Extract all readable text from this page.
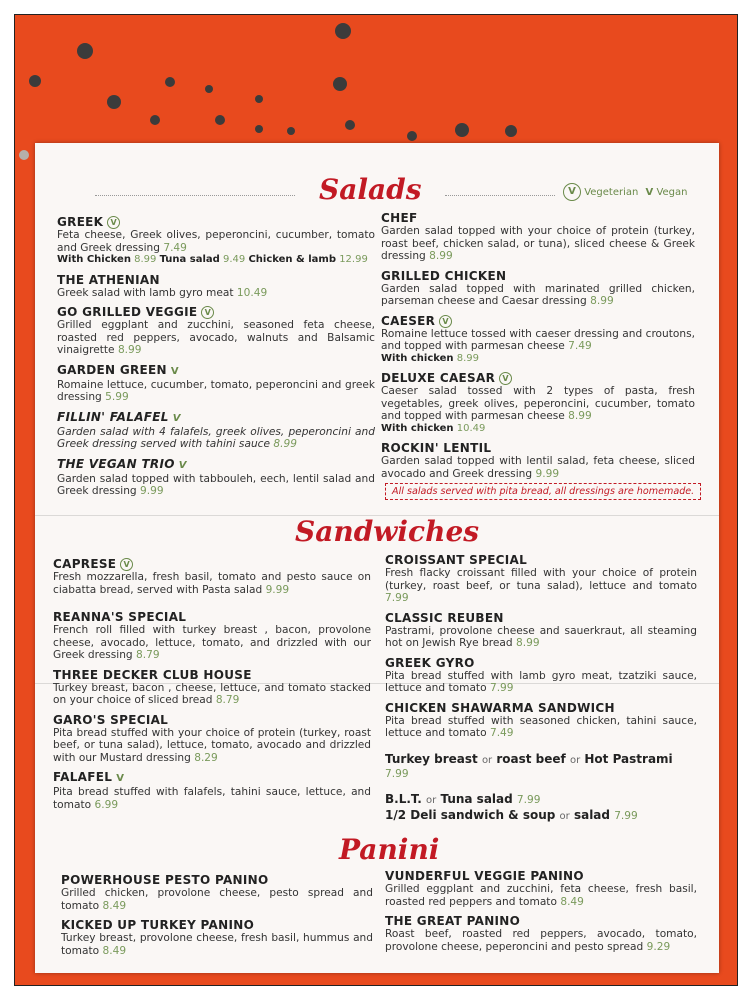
Salads	V Vegeterian V Vegan
GREEK V
Feta cheese, Greek olives, peperoncini, cucumber, tomato and Greek dressing 7.49
With Chicken 8.99 Tuna salad 9.49 Chicken & lamb 12.99
THE ATHENIAN
Greek salad with lamb gyro meat 10.49
GO GRILLED VEGGIE V
Grilled eggplant and zucchini, seasoned feta cheese, roasted red peppers, avocado, walnuts and Balsamic vinaigrette 8.99
GARDEN GREEN V
Romaine lettuce, cucumber, tomato, peperoncini and greek dressing 5.99
FILLIN' FALAFEL V
Garden salad with 4 falafels, greek olives, peperoncini and Greek dressing served with tahini sauce 8.99
THE VEGAN TRIO V
Garden salad topped with tabbouleh, eech, lentil salad and Greek dressing 9.99
CHEF
Garden salad topped with your choice of protein (turkey, roast beef, chicken salad, or tuna), sliced cheese & Greek dressing 8.99
GRILLED CHICKEN
Garden salad topped with marinated grilled chicken, parseman cheese and Caesar dressing 8.99
CAESER V
Romaine lettuce tossed with caeser dressing and croutons, and topped with parmesan cheese 7.49
With chicken 8.99
DELUXE CAESAR V
Caeser salad tossed with 2 types of pasta, fresh vegetables, greek olives, peperoncini, cucumber, tomato and topped with parmesan cheese 8.99
With chicken 10.49
ROCKIN' LENTIL
Garden salad topped with lentil salad, feta cheese, sliced avocado and Greek dressing 9.99
All salads served with pita bread, all dressings are homemade.
Sandwiches
CAPRESE V
Fresh mozzarella, fresh basil, tomato and pesto sauce on ciabatta bread, served with Pasta salad 9.99
REANNA'S SPECIAL
French roll filled with turkey breast , bacon, provolone cheese, avocado, lettuce, tomato, and drizzled with our Greek dressing 8.79
THREE DECKER CLUB HOUSE
Turkey breast, bacon , cheese, lettuce, and tomato stacked on your choice of sliced bread 8.79
GARO'S SPECIAL
Pita bread stuffed with your choice of protein (turkey, roast beef, or tuna salad), lettuce, tomato, avocado and drizzled with our Mustard dressing 8.29
FALAFEL V
Pita bread stuffed with falafels, tahini sauce, lettuce, and tomato 6.99
CROISSANT SPECIAL
Fresh flacky croissant filled with your choice of protein (turkey, roast beef, or tuna salad), lettuce and tomato 7.99
CLASSIC REUBEN
Pastrami, provolone cheese and sauerkraut, all steaming hot on Jewish Rye bread 8.99
GREEK GYRO
Pita bread stuffed with lamb gyro meat, tzatziki sauce, lettuce and tomato 7.99
CHICKEN SHAWARMA SANDWICH
Pita bread stuffed with seasoned chicken, tahini sauce, lettuce and tomato 7.49
Turkey breast or roast beef or Hot Pastrami 7.99
B.L.T. or Tuna salad 7.99
1/2 Deli sandwich & soup or salad 7.99
Panini
POWERHOUSE PESTO PANINO
Grilled chicken, provolone cheese, pesto spread and tomato 8.49
KICKED UP TURKEY PANINO
Turkey breast, provolone cheese, fresh basil, hummus and tomato 8.49
VUNDERFUL VEGGIE PANINO
Grilled eggplant and zucchini, feta cheese, fresh basil, roasted red peppers and tomato 8.49
THE GREAT PANINO
Roast beef, roasted red peppers, avocado, tomato, provolone cheese, peperoncini and pesto spread 9.29
